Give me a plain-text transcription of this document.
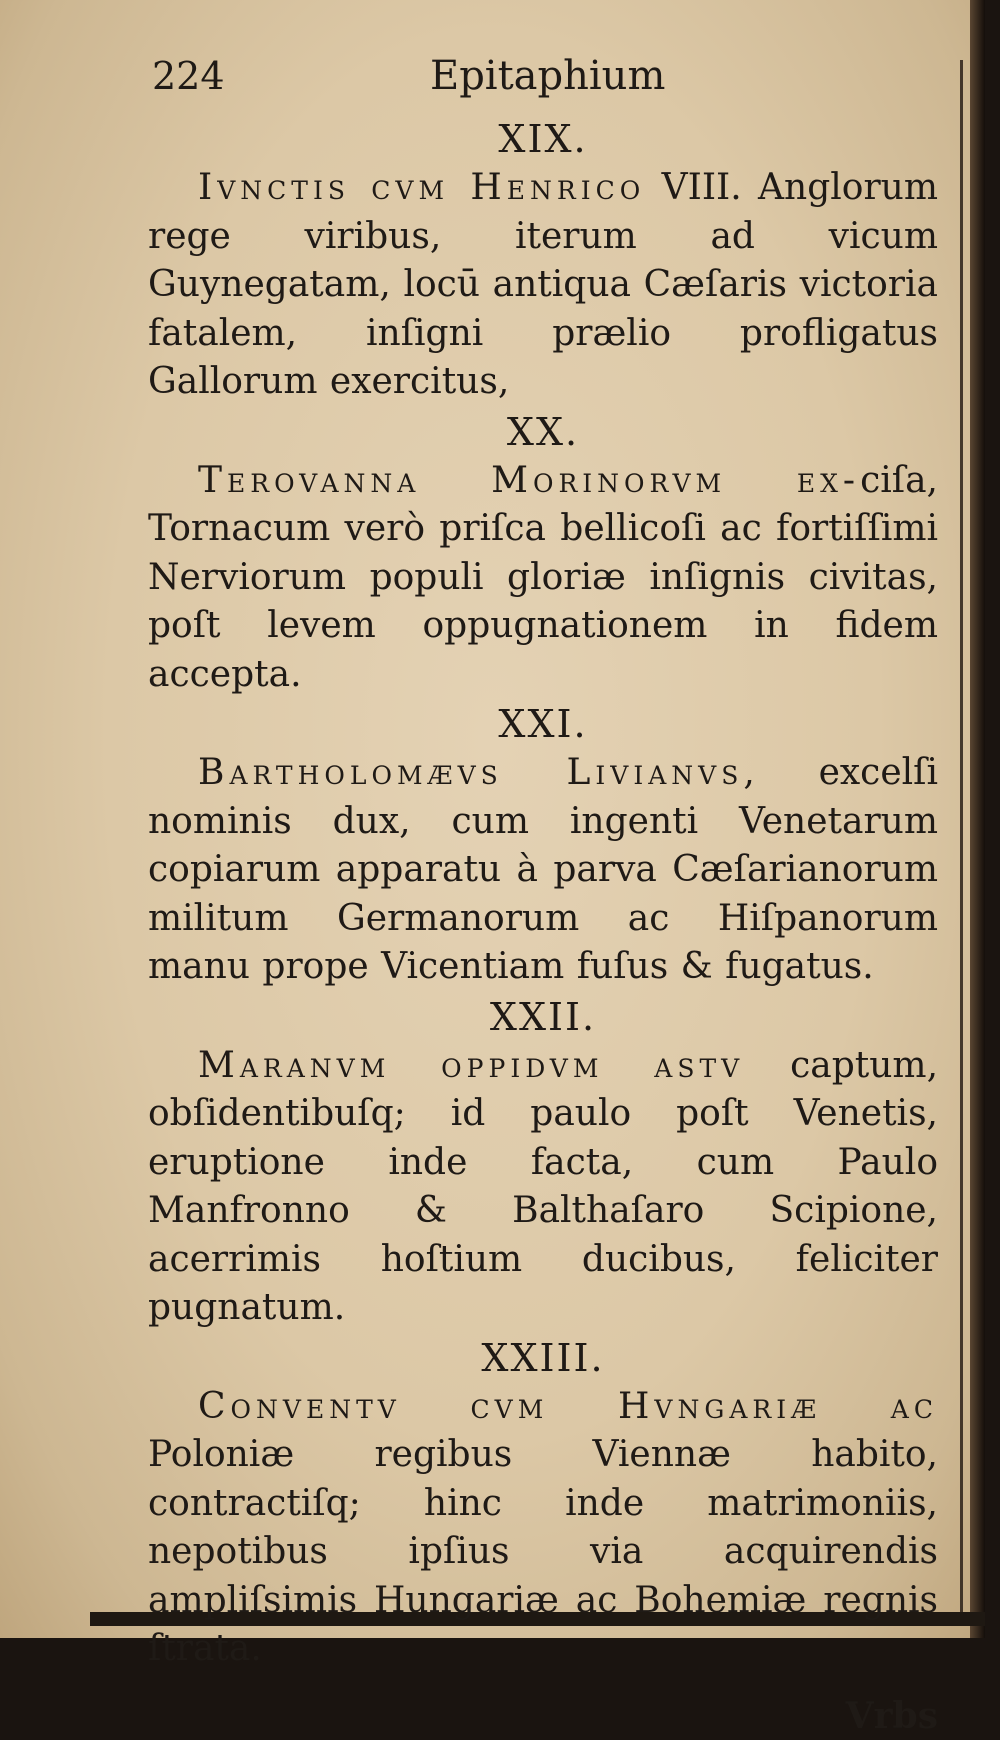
224	Epitaphium
XIX.

Ivnctis cvm Henrico VIII. Anglorum rege viribus, iterum ad vicum Guynegatam, locū antiqua Cæſaris victoria fatalem, inſigni prælio profligatus Gallorum exercitus,

XX.

Terovanna Morinorvm ex-ciſa, Tornacum verò priſca bellicoſi ac fortiſſimi Nerviorum populi gloriæ inſignis civitas, poſt levem oppugnationem in fidem accepta.

XXI.

Bartholomævs Livianvs, excelſi nominis dux, cum ingenti Venetarum copiarum apparatu à parva Cæſarianorum militum Germanorum ac Hiſpanorum manu prope Vicentiam fuſus & fugatus.

XXII.

Maranvm oppidvm astv captum, obſidentibuſq; id paulo poſt Venetis, eruptione inde facta, cum Paulo Manfronno & Balthaſaro Scipione, acerrimis hoſtium ducibus, feliciter pugnatum.

XXIII.

Conventv cvm Hvngariæ ac Poloniæ regibus Viennæ habito, contractiſq; hinc inde matrimoniis, nepotibus ipſius via acquirendis ampliſsimis Hungariæ ac Bohemiæ regnis ſtrata.

Vrbs
